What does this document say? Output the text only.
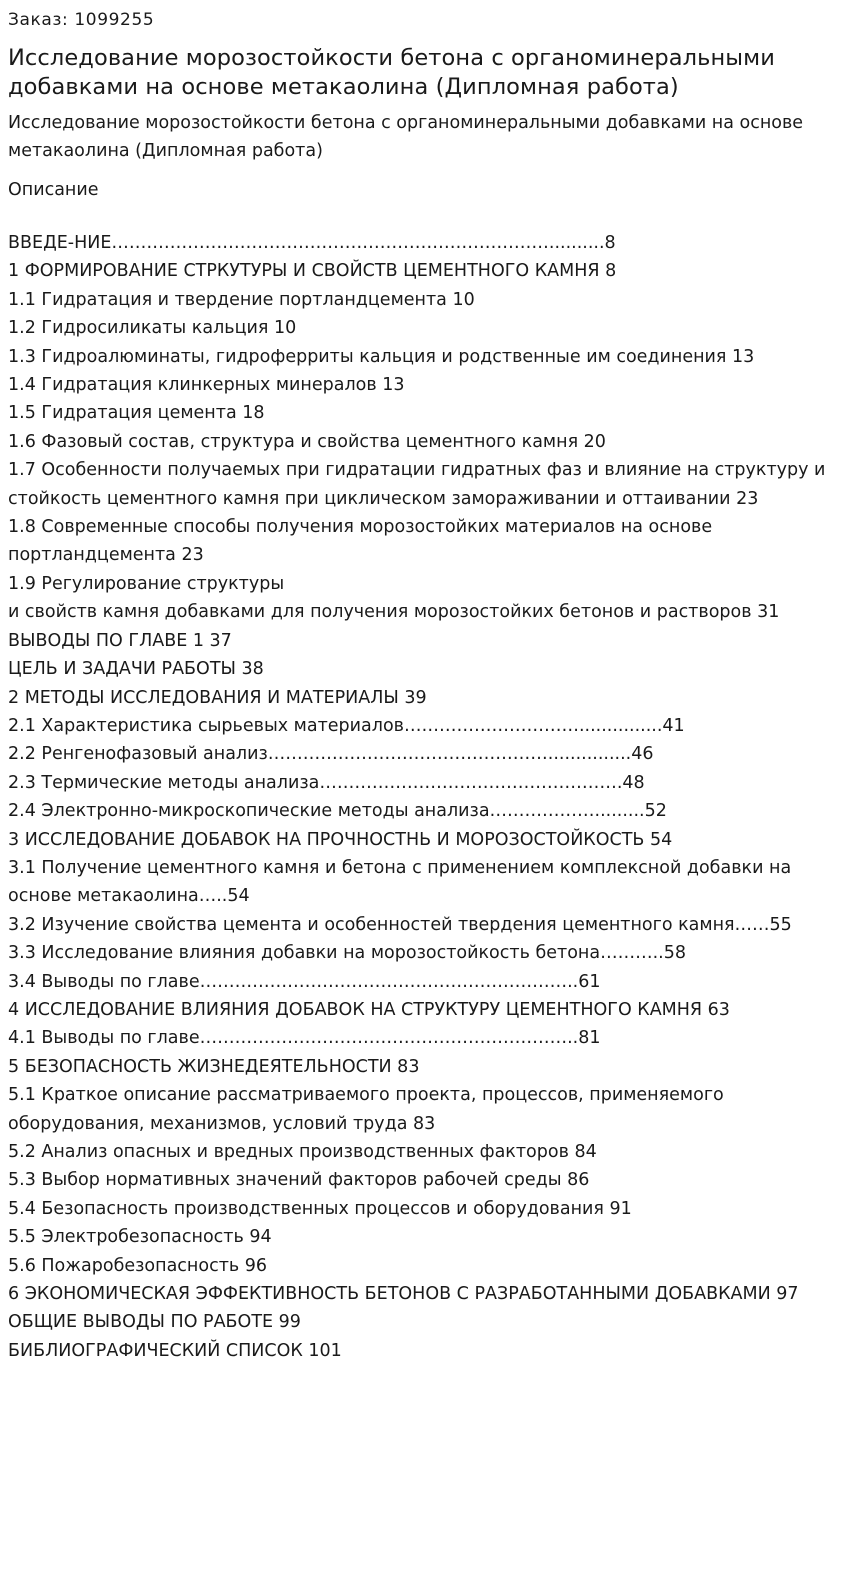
Заказ: 1099255
Исследование морозостойкости бетона с органоминеральными добавками на основе метакаолина (Дипломная работа)
Исследование морозостойкости бетона с органоминеральными добавками на основе метакаолина (Дипломная работа)
Описание
ВВЕДЕ-НИЕ…………………………………………………………………..........8
1 ФОРМИРОВАНИЕ СТРКУТУРЫ И СВОЙСТВ ЦЕМЕНТНОГО КАМНЯ 8
1.1 Гидратация и твердение портландцемента 10
1.2 Гидросиликаты кальция 10
1.3 Гидроалюминаты, гидроферриты кальция и родственные им соединения 13
1.4 Гидратация клинкерных минералов 13
1.5 Гидратация цемента 18
1.6 Фазовый состав, структура и свойства цементного камня 20
1.7 Особенности получаемых при гидратации гидратных фаз и влияние на структуру и стойкость цементного камня при циклическом замораживании и оттаивании 23
1.8 Современные способы получения морозостойких материалов на основе портландцемента 23
1.9 Регулирование структуры
и свойств камня добавками для получения морозостойких бетонов и растворов 31
ВЫВОДЫ ПО ГЛАВЕ 1 37
ЦЕЛЬ И ЗАДАЧИ РАБОТЫ 38
2 МЕТОДЫ ИССЛЕДОВАНИЯ И МАТЕРИАЛЫ 39
2.1 Характеристика сырьевых материалов…………………………...............41
2.2 Ренгенофазовый анализ…………………………………………...............46
2.3 Термические методы анализа…………………………………………….48
2.4 Электронно-микроскопические методы анализа……………….........52
3 ИССЛЕДОВАНИЕ ДОБАВОК НА ПРОЧНОСТНЬ И МОРОЗОСТОЙКОСТЬ 54
3.1 Получение цементного камня и бетона с применением комплексной добавки на основе метакаолина…..54
3.2 Изучение свойства цемента и особенностей твердения цементного камня……55
3.3 Исследование влияния добавки на морозостойкость бетона………..58
3.4 Выводы по главе………………………………………………………..61
4 ИССЛЕДОВАНИЕ ВЛИЯНИЯ ДОБАВОК НА СТРУКТУРУ ЦЕМЕНТНОГО КАМНЯ 63
4.1 Выводы по главе………………………………………………………..81
5 БЕЗОПАСНОСТЬ ЖИЗНЕДЕЯТЕЛЬНОСТИ 83
5.1 Краткое описание рассматриваемого проекта, процессов, применяемого оборудования, механизмов, условий труда 83
5.2 Анализ опасных и вредных производственных факторов 84
5.3 Выбор нормативных значений факторов рабочей среды 86
5.4 Безопасность производственных процессов и оборудования 91
5.5 Электробезопасность 94
5.6 Пожаробезопасность 96
6 ЭКОНОМИЧЕСКАЯ ЭФФЕКТИВНОСТЬ БЕТОНОВ С РАЗРАБОТАННЫМИ ДОБАВКАМИ 97
ОБЩИЕ ВЫВОДЫ ПО РАБОТЕ 99
БИБЛИОГРАФИЧЕСКИЙ СПИСОК 101
